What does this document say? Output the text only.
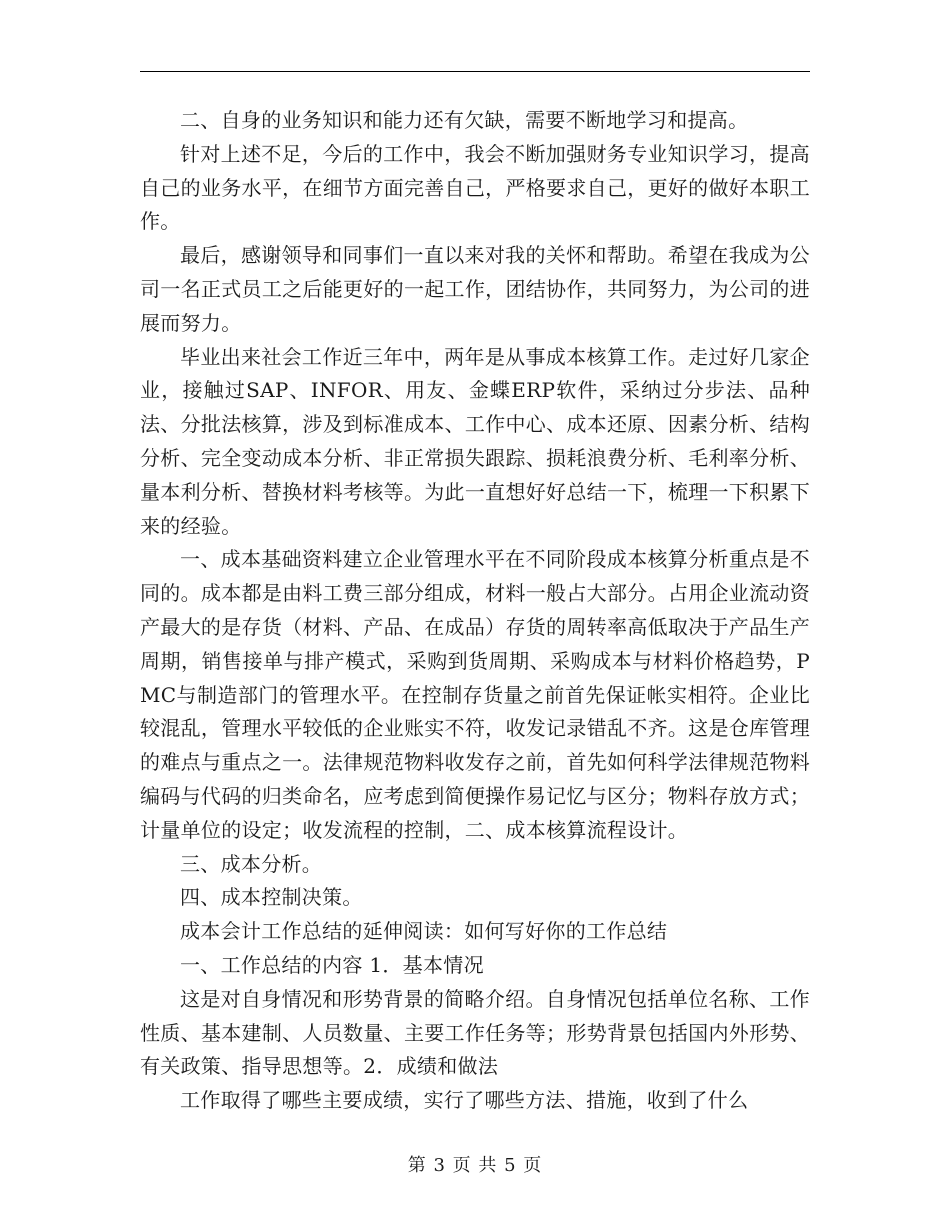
二、自身的业务知识和能力还有欠缺，需要不断地学习和提高。

针对上述不足，今后的工作中，我会不断加强财务专业知识学习，提高自己的业务水平，在细节方面完善自己，严格要求自己，更好的做好本职工作。

最后，感谢领导和同事们一直以来对我的关怀和帮助。希望在我成为公司一名正式员工之后能更好的一起工作，团结协作，共同努力，为公司的进展而努力。

毕业出来社会工作近三年中，两年是从事成本核算工作。走过好几家企业，接触过SAP、INFOR、用友、金蝶ERP软件，采纳过分步法、品种法、分批法核算，涉及到标准成本、工作中心、成本还原、因素分析、结构分析、完全变动成本分析、非正常损失跟踪、损耗浪费分析、毛利率分析、量本利分析、替换材料考核等。为此一直想好好总结一下，梳理一下积累下来的经验。

一、成本基础资料建立企业管理水平在不同阶段成本核算分析重点是不同的。成本都是由料工费三部分组成，材料一般占大部分。占用企业流动资产最大的是存货（材料、产品、在成品）存货的周转率高低取决于产品生产周期，销售接单与排产模式，采购到货周期、采购成本与材料价格趋势，PMC与制造部门的管理水平。在控制存货量之前首先保证帐实相符。企业比较混乱，管理水平较低的企业账实不符，收发记录错乱不齐。这是仓库管理的难点与重点之一。法律规范物料收发存之前，首先如何科学法律规范物料编码与代码的归类命名，应考虑到简便操作易记忆与区分；物料存放方式；计量单位的设定；收发流程的控制，二、成本核算流程设计。

三、成本分析。

四、成本控制决策。

成本会计工作总结的延伸阅读：如何写好你的工作总结

一、工作总结的内容 1．基本情况

这是对自身情况和形势背景的简略介绍。自身情况包括单位名称、工作性质、基本建制、人员数量、主要工作任务等；形势背景包括国内外形势、有关政策、指导思想等。2．成绩和做法

工作取得了哪些主要成绩，实行了哪些方法、措施，收到了什么

第 3 页 共 5 页
